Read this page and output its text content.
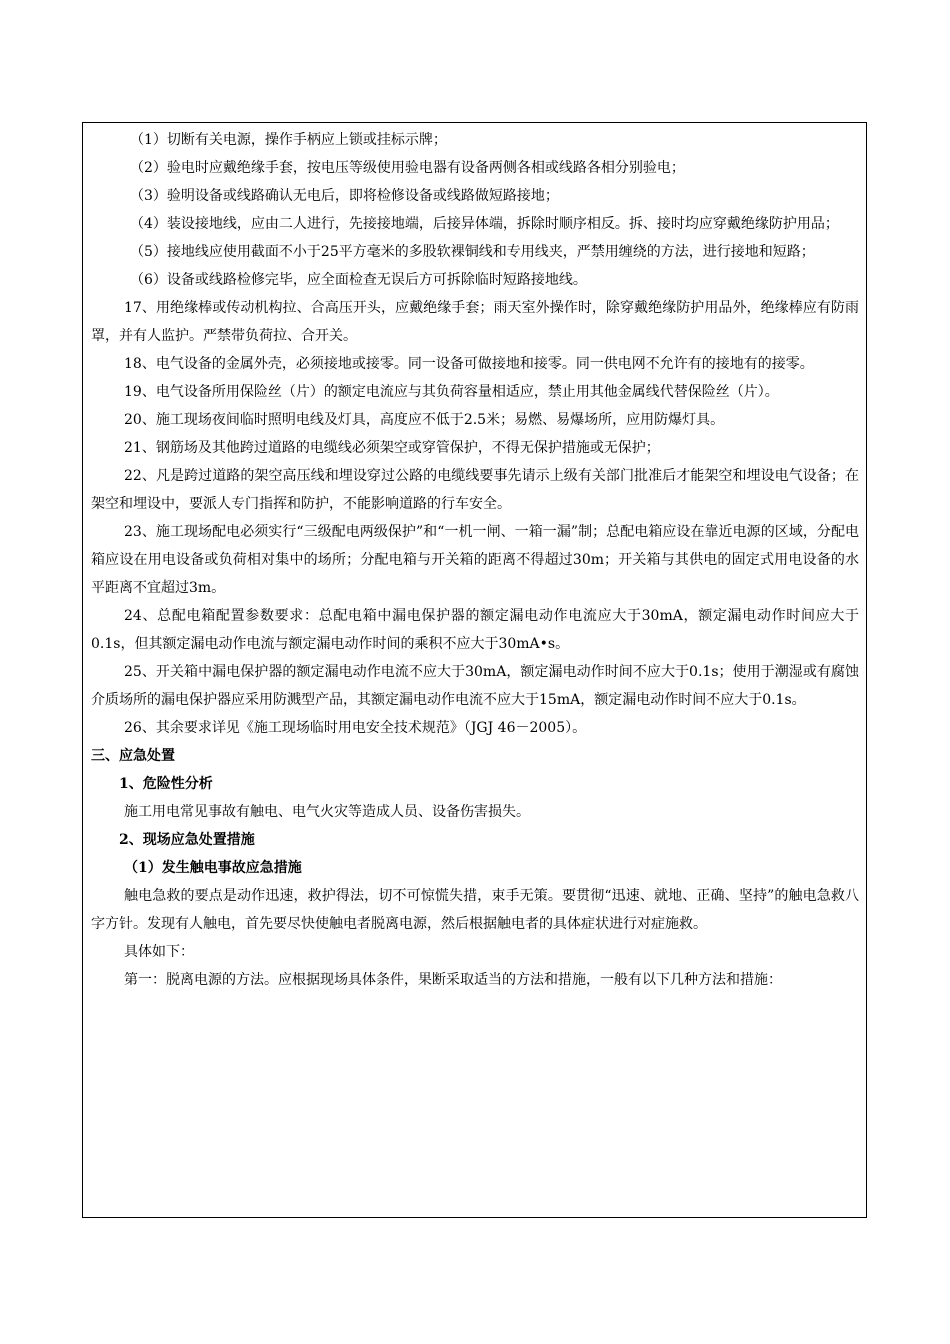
（1）切断有关电源，操作手柄应上锁或挂标示牌；

（2）验电时应戴绝缘手套，按电压等级使用验电器有设备两侧各相或线路各相分别验电；

（3）验明设备或线路确认无电后，即将检修设备或线路做短路接地；

（4）装设接地线，应由二人进行，先接接地端，后接异体端，拆除时顺序相反。拆、接时均应穿戴绝缘防护用品；

（5）接地线应使用截面不小于25平方毫米的多股软裸铜线和专用线夹，严禁用缠绕的方法，进行接地和短路；

（6）设备或线路检修完毕，应全面检查无误后方可拆除临时短路接地线。

17、用绝缘棒或传动机构拉、合高压开头，应戴绝缘手套；雨天室外操作时，除穿戴绝缘防护用品外，绝缘棒应有防雨罩，并有人监护。严禁带负荷拉、合开关。

18、电气设备的金属外壳，必须接地或接零。同一设备可做接地和接零。同一供电网不允许有的接地有的接零。

19、电气设备所用保险丝（片）的额定电流应与其负荷容量相适应，禁止用其他金属线代替保险丝（片）。

20、施工现场夜间临时照明电线及灯具，高度应不低于2.5米；易燃、易爆场所，应用防爆灯具。

21、钢筋场及其他跨过道路的电缆线必须架空或穿管保护，不得无保护措施或无保护；

22、凡是跨过道路的架空高压线和埋设穿过公路的电缆线要事先请示上级有关部门批准后才能架空和埋设电气设备；在架空和埋设中，要派人专门指挥和防护，不能影响道路的行车安全。

23、施工现场配电必须实行“三级配电两级保护”和“一机一闸、一箱一漏”制；总配电箱应设在靠近电源的区域，分配电箱应设在用电设备或负荷相对集中的场所；分配电箱与开关箱的距离不得超过30m；开关箱与其供电的固定式用电设备的水平距离不宜超过3m。

24、总配电箱配置参数要求：总配电箱中漏电保护器的额定漏电动作电流应大于30mA，额定漏电动作时间应大于0.1s，但其额定漏电动作电流与额定漏电动作时间的乘积不应大于30mA•s。

25、开关箱中漏电保护器的额定漏电动作电流不应大于30mA，额定漏电动作时间不应大于0.1s；使用于潮湿或有腐蚀介质场所的漏电保护器应采用防溅型产品，其额定漏电动作电流不应大于15mA，额定漏电动作时间不应大于0.1s。

26、其余要求详见《施工现场临时用电安全技术规范》（JGJ 46－2005）。

三、应急处置

1、危险性分析

施工用电常见事故有触电、电气火灾等造成人员、设备伤害损失。

2、现场应急处置措施

（1）发生触电事故应急措施

触电急救的要点是动作迅速，救护得法，切不可惊慌失措，束手无策。要贯彻“迅速、就地、正确、坚持”的触电急救八字方针。发现有人触电，首先要尽快使触电者脱离电源，然后根据触电者的具体症状进行对症施救。

具体如下：

第一：脱离电源的方法。应根据现场具体条件，果断采取适当的方法和措施，一般有以下几种方法和措施：
